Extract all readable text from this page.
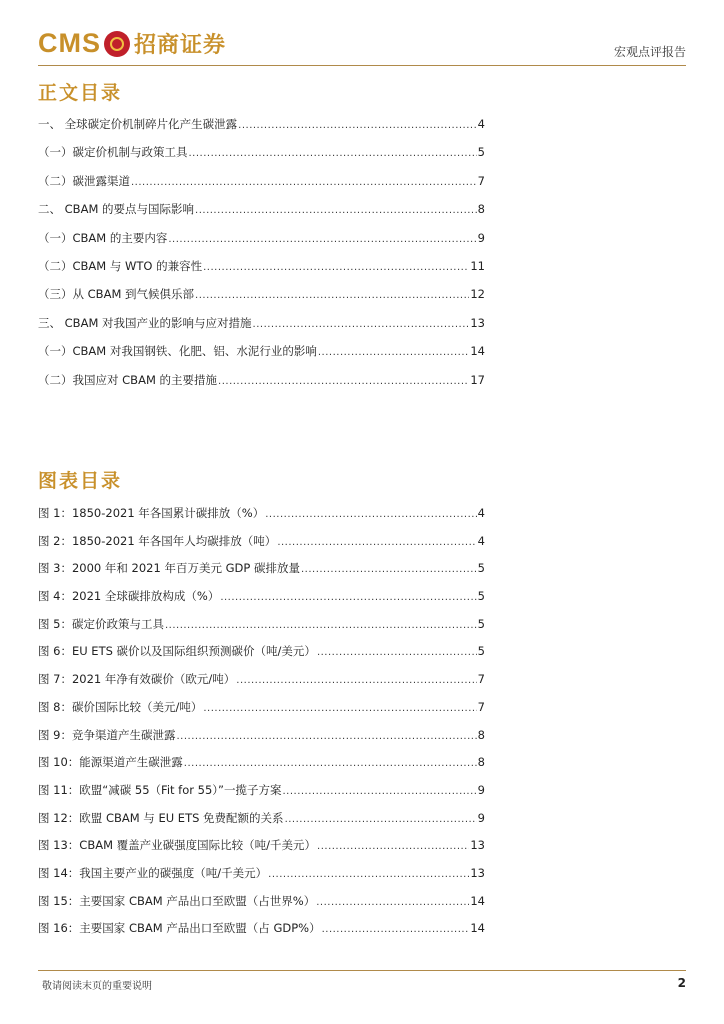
CMS 招商证券	宏观点评报告
正文目录
一、 全球碳定价机制碎片化产生碳泄露 .....	4
（一）碳定价机制与政策工具 .....	5
（二）碳泄露渠道 .....	7
二、 CBAM 的要点与国际影响 .....	8
（一）CBAM 的主要内容 .....	9
（二）CBAM 与 WTO 的兼容性 .....	11
（三）从 CBAM 到气候俱乐部 .....	12
三、 CBAM 对我国产业的影响与应对措施 .....	13
（一）CBAM 对我国钢铁、化肥、铝、水泥行业的影响 .....	14
（二）我国应对 CBAM 的主要措施 .....	17
图表目录
图 1：1850-2021 年各国累计碳排放（%） .....	4
图 2：1850-2021 年各国年人均碳排放（吨） .....	4
图 3：2000 年和 2021 年百万美元 GDP 碳排放量 .....	5
图 4：2021 全球碳排放构成（%） .....	5
图 5：碳定价政策与工具 .....	5
图 6：EU ETS 碳价以及国际组织预测碳价（吨/美元） .....	5
图 7：2021 年净有效碳价（欧元/吨） .....	7
图 8：碳价国际比较（美元/吨） .....	7
图 9：竞争渠道产生碳泄露 .....	8
图 10：能源渠道产生碳泄露 .....	8
图 11：欧盟“减碳 55（Fit for 55）”一揽子方案 .....	9
图 12：欧盟 CBAM 与 EU ETS 免费配额的关系 .....	9
图 13：CBAM 覆盖产业碳强度国际比较（吨/千美元） .....	13
图 14：我国主要产业的碳强度（吨/千美元） .....	13
图 15：主要国家 CBAM 产品出口至欧盟（占世界%） .....	14
图 16：主要国家 CBAM 产品出口至欧盟（占 GDP%） .....	14
敬请阅读末页的重要说明	2
